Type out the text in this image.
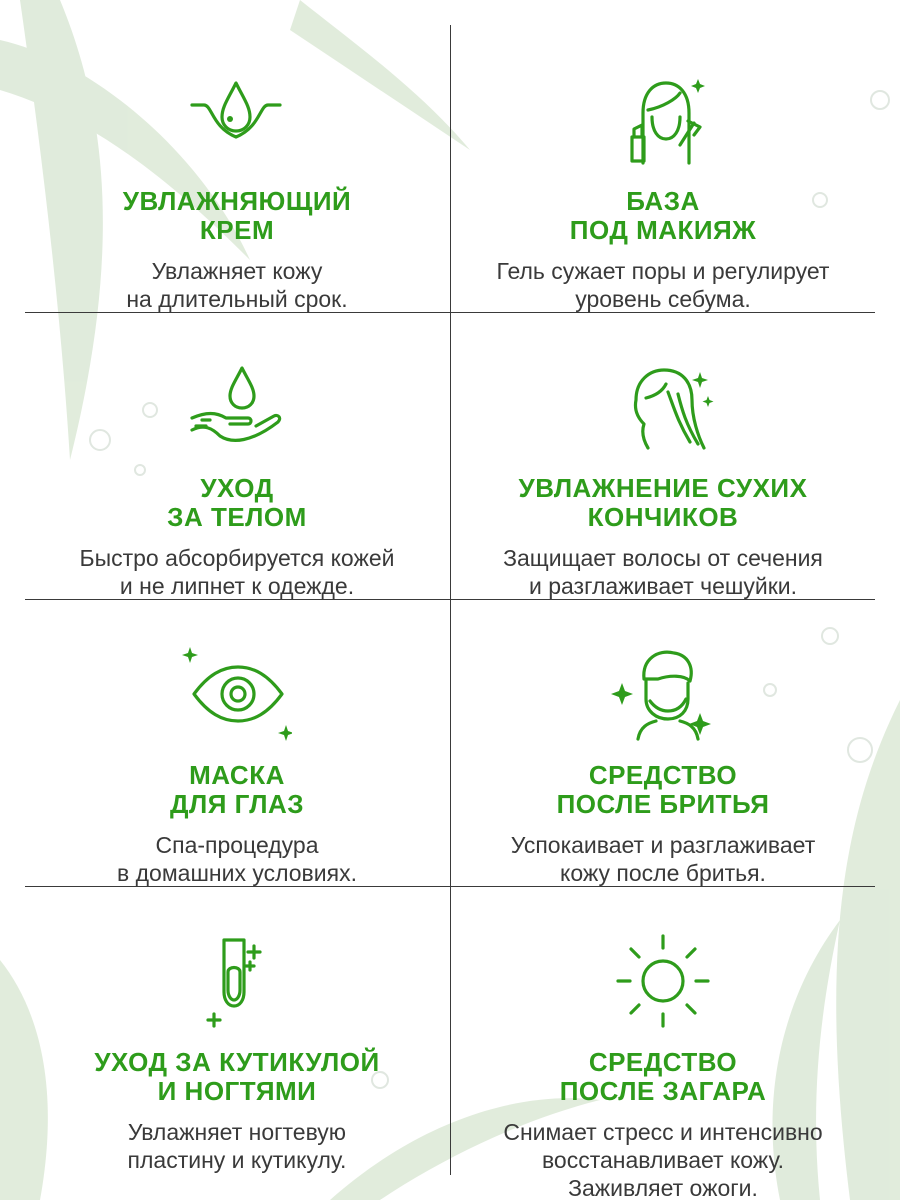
УВЛАЖНЯЮЩИЙ
КРЕМ
Увлажняет кожу
на длительный срок.
БАЗА
ПОД МАКИЯЖ
Гель сужает поры и регулирует
уровень себума.
УХОД
ЗА ТЕЛОМ
Быстро абсорбируется кожей
и не липнет к одежде.
УВЛАЖНЕНИЕ СУХИХ
КОНЧИКОВ
Защищает волосы от сечения
и разглаживает чешуйки.
МАСКА
ДЛЯ ГЛАЗ
Спа-процедура
в домашних условиях.
СРЕДСТВО
ПОСЛЕ БРИТЬЯ
Успокаивает и разглаживает
кожу после бритья.
УХОД ЗА КУТИКУЛОЙ
И НОГТЯМИ
Увлажняет ногтевую
пластину и кутикулу.
СРЕДСТВО
ПОСЛЕ ЗАГАРА
Снимает стресс и интенсивно
восстанавливает кожу.
Заживляет ожоги.
